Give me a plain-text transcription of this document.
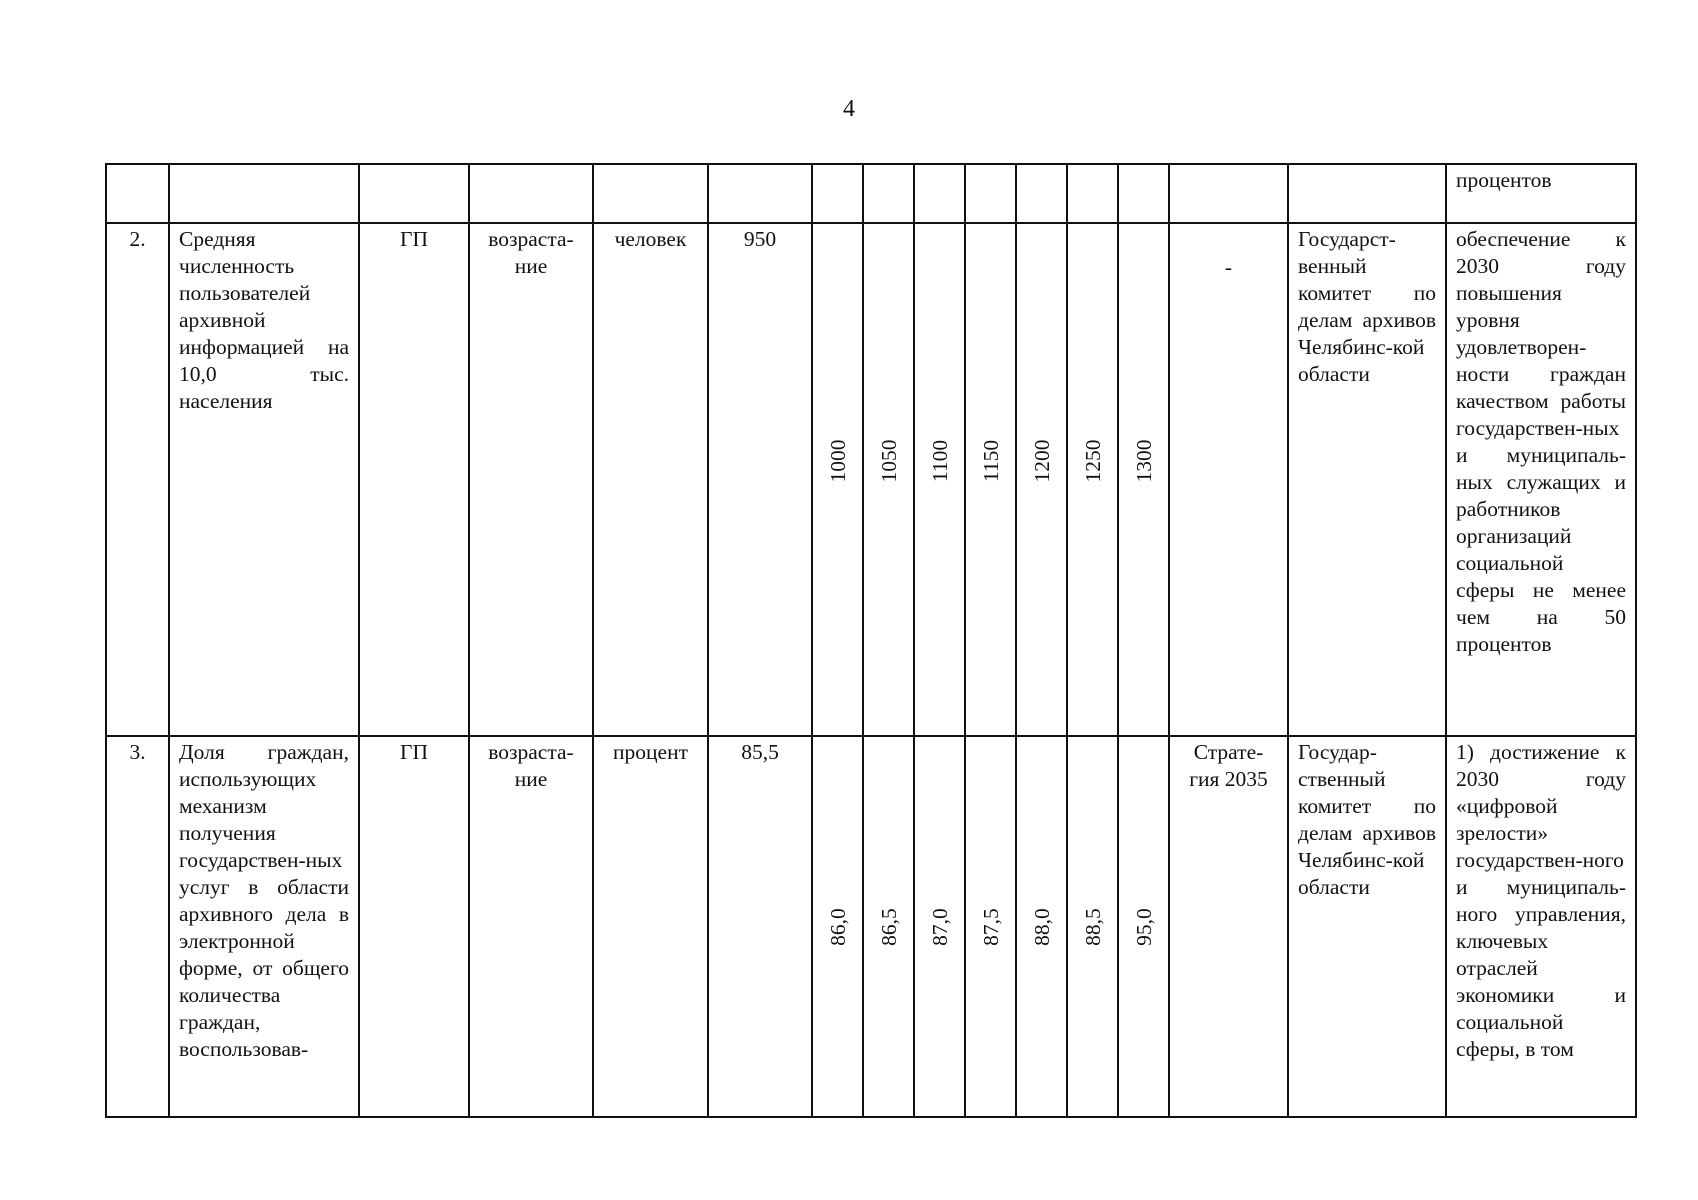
4
															процентов
2.	Средняя численность пользователей архивной информацией на 10,0 тыс. населения	ГП	возраста-ние	человек	950	1000	1050	1100	1150	1200	1250	1300	-	Государст-венный комитет по делам архивов Челябинс-кой области	обеспечение к 2030 году повышения уровня удовлетворен-ности граждан качеством работы государствен-ных и муниципаль-ных служащих и работников организаций социальной сферы не менее чем на 50 процентов
3.	Доля граждан, использующих механизм получения государствен-ных услуг в области архивного дела в электронной форме, от общего количества граждан, воспользовав-	ГП	возраста-ние	процент	85,5	86,0	86,5	87,0	87,5	88,0	88,5	95,0	Страте-гия 2035	Государ-ственный комитет по делам архивов Челябинс-кой области	1) достижение к 2030 году «цифровой зрелости» государствен-ного и муниципаль-ного управления, ключевых отраслей экономики и социальной сферы, в том
